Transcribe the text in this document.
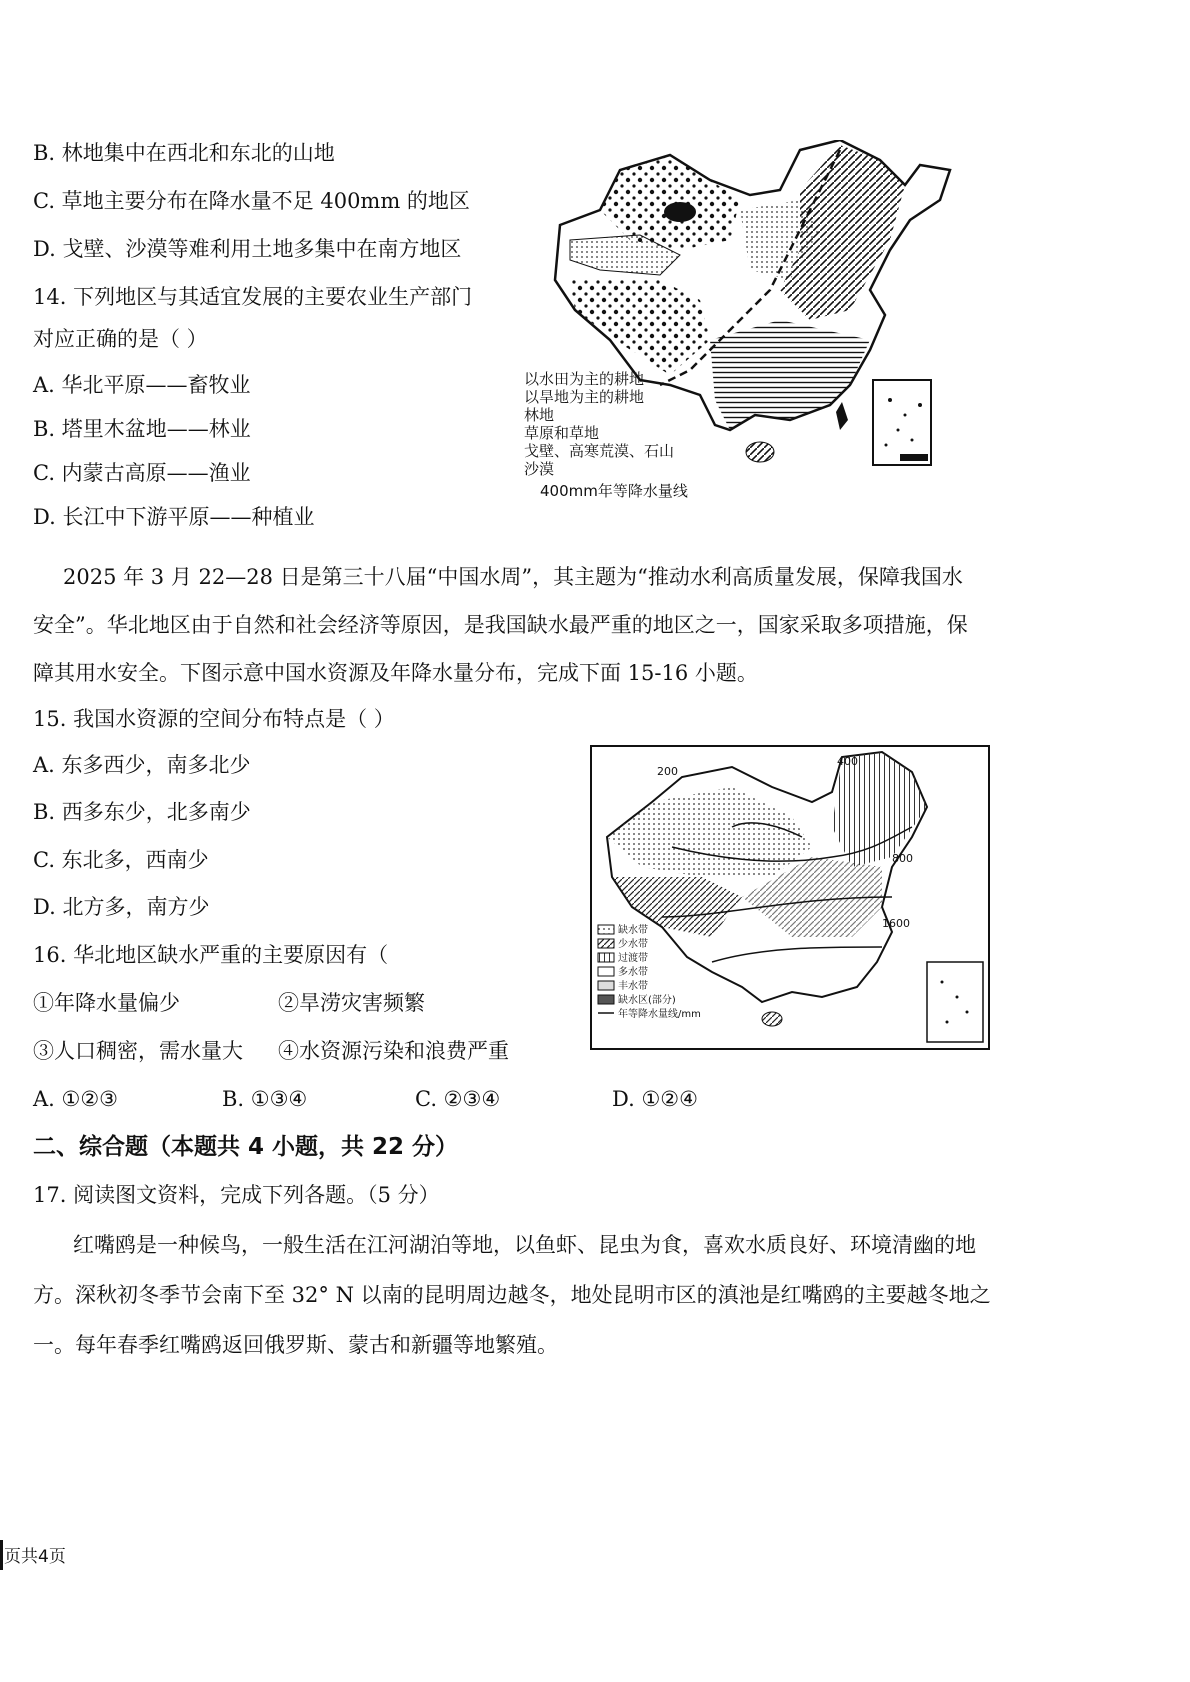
B. 林地集中在西北和东北的山地
C. 草地主要分布在降水量不足 400mm 的地区
D. 戈壁、沙漠等难利用土地多集中在南方地区
14. 下列地区与其适宜发展的主要农业生产部门
对应正确的是（ ）
A. 华北平原——畜牧业
B. 塔里木盆地——林业
C. 内蒙古高原——渔业
D. 长江中下游平原——种植业
以水田为主的耕地
以旱地为主的耕地
林地
草原和草地
戈壁、高寒荒漠、石山
沙漠
400mm年等降水量线
2025 年 3 月 22—28 日是第三十八届“中国水周”，其主题为“推动水利高质量发展，保障我国水
安全”。华北地区由于自然和社会经济等原因，是我国缺水最严重的地区之一，国家采取多项措施，保
障其用水安全。下图示意中国水资源及年降水量分布，完成下面 15-16 小题。
15. 我国水资源的空间分布特点是（ ）
A. 东多西少，南多北少
B. 西多东少，北多南少
C. 东北多，西南少
D. 北方多，南方少
200
400
800
1600
缺水带
少水带
过渡带
多水带
丰水带
缺水区(部分)
年等降水量线/mm
16. 华北地区缺水严重的主要原因有（
①年降水量偏少	②旱涝灾害频繁
③人口稠密，需水量大 ④水资源污染和浪费严重
A. ①②③	B. ①③④	C. ②③④	D. ①②④
二、综合题（本题共 4 小题，共 22 分）
17. 阅读图文资料，完成下列各题。（5 分）
红嘴鸥是一种候鸟，一般生活在江河湖泊等地，以鱼虾、昆虫为食，喜欢水质良好、环境清幽的地
方。深秋初冬季节会南下至 32° N 以南的昆明周边越冬，地处昆明市区的滇池是红嘴鸥的主要越冬地之
一。每年春季红嘴鸥返回俄罗斯、蒙古和新疆等地繁殖。
页共4页
